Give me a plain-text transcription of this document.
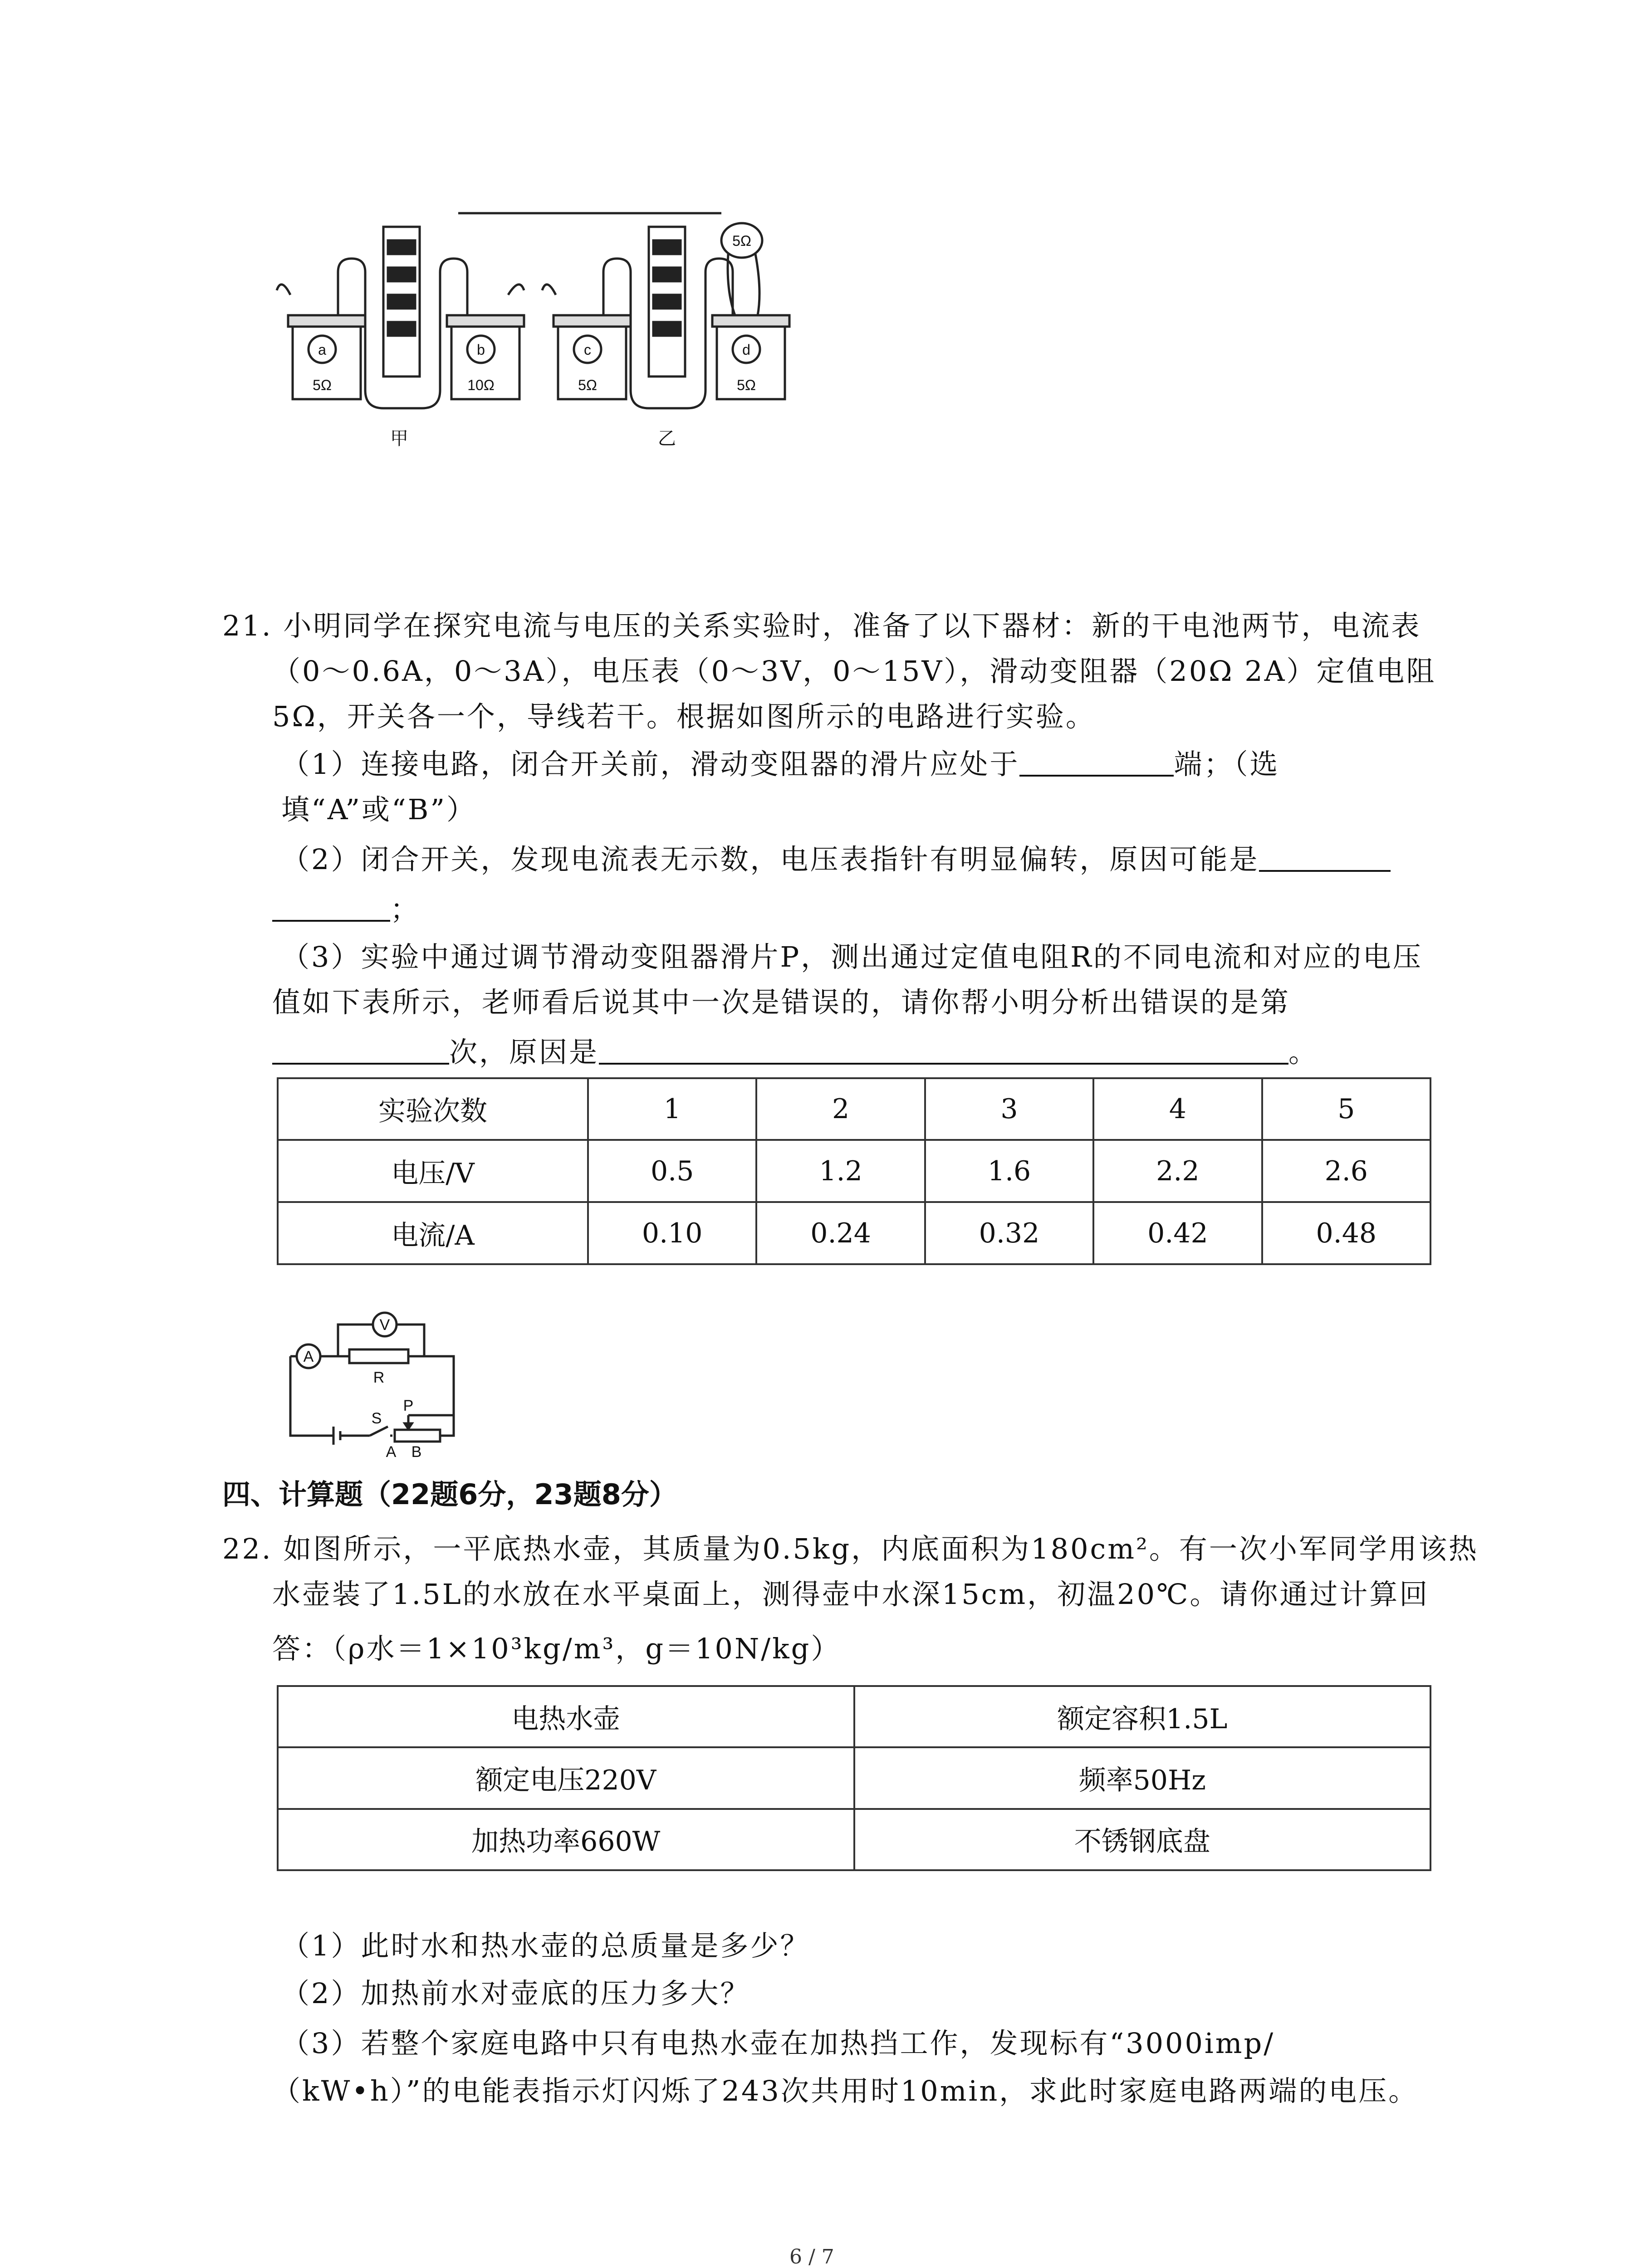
a
5Ω
b
10Ω
c
5Ω
d
5Ω
5Ω
甲	乙
21. 小明同学在探究电流与电压的关系实验时，准备了以下器材：新的干电池两节，电流表
（0～0.6A，0～3A），电压表（0～3V，0～15V），滑动变阻器（20Ω 2A）定值电阻
5Ω，开关各一个，导线若干。根据如图所示的电路进行实验。
（1）连接电路，闭合开关前，滑动变阻器的滑片应处于	端；（选
填“A”或“B”）
（2）闭合开关，发现电流表无示数，电压表指针有明显偏转，原因可能是
；
（3）实验中通过调节滑动变阻器滑片P，测出通过定值电阻R的不同电流和对应的电压
值如下表所示，老师看后说其中一次是错误的，请你帮小明分析出错误的是第
次，原因是	。
实验次数	1	2	3	4	5
电压/V	0.5	1.2	1.6	2.2	2.6
电流/A	0.10	0.24	0.32	0.42	0.48
A
V
R
S
P
A B
四、计算题（22题6分，23题8分）
22. 如图所示，一平底热水壶，其质量为0.5kg，内底面积为180cm²。有一次小军同学用该热
水壶装了1.5L的水放在水平桌面上，测得壶中水深15cm，初温20℃。请你通过计算回
答：（ρ水＝1×10³kg/m³，g＝10N/kg）
电热水壶	额定容积1.5L
额定电压220V	频率50Hz
加热功率660W	不锈钢底盘
（1）此时水和热水壶的总质量是多少？
（2）加热前水对壶底的压力多大？
（3）若整个家庭电路中只有电热水壶在加热挡工作，发现标有“3000imp/
（kW•h）”的电能表指示灯闪烁了243次共用时10min，求此时家庭电路两端的电压。
6 / 7
